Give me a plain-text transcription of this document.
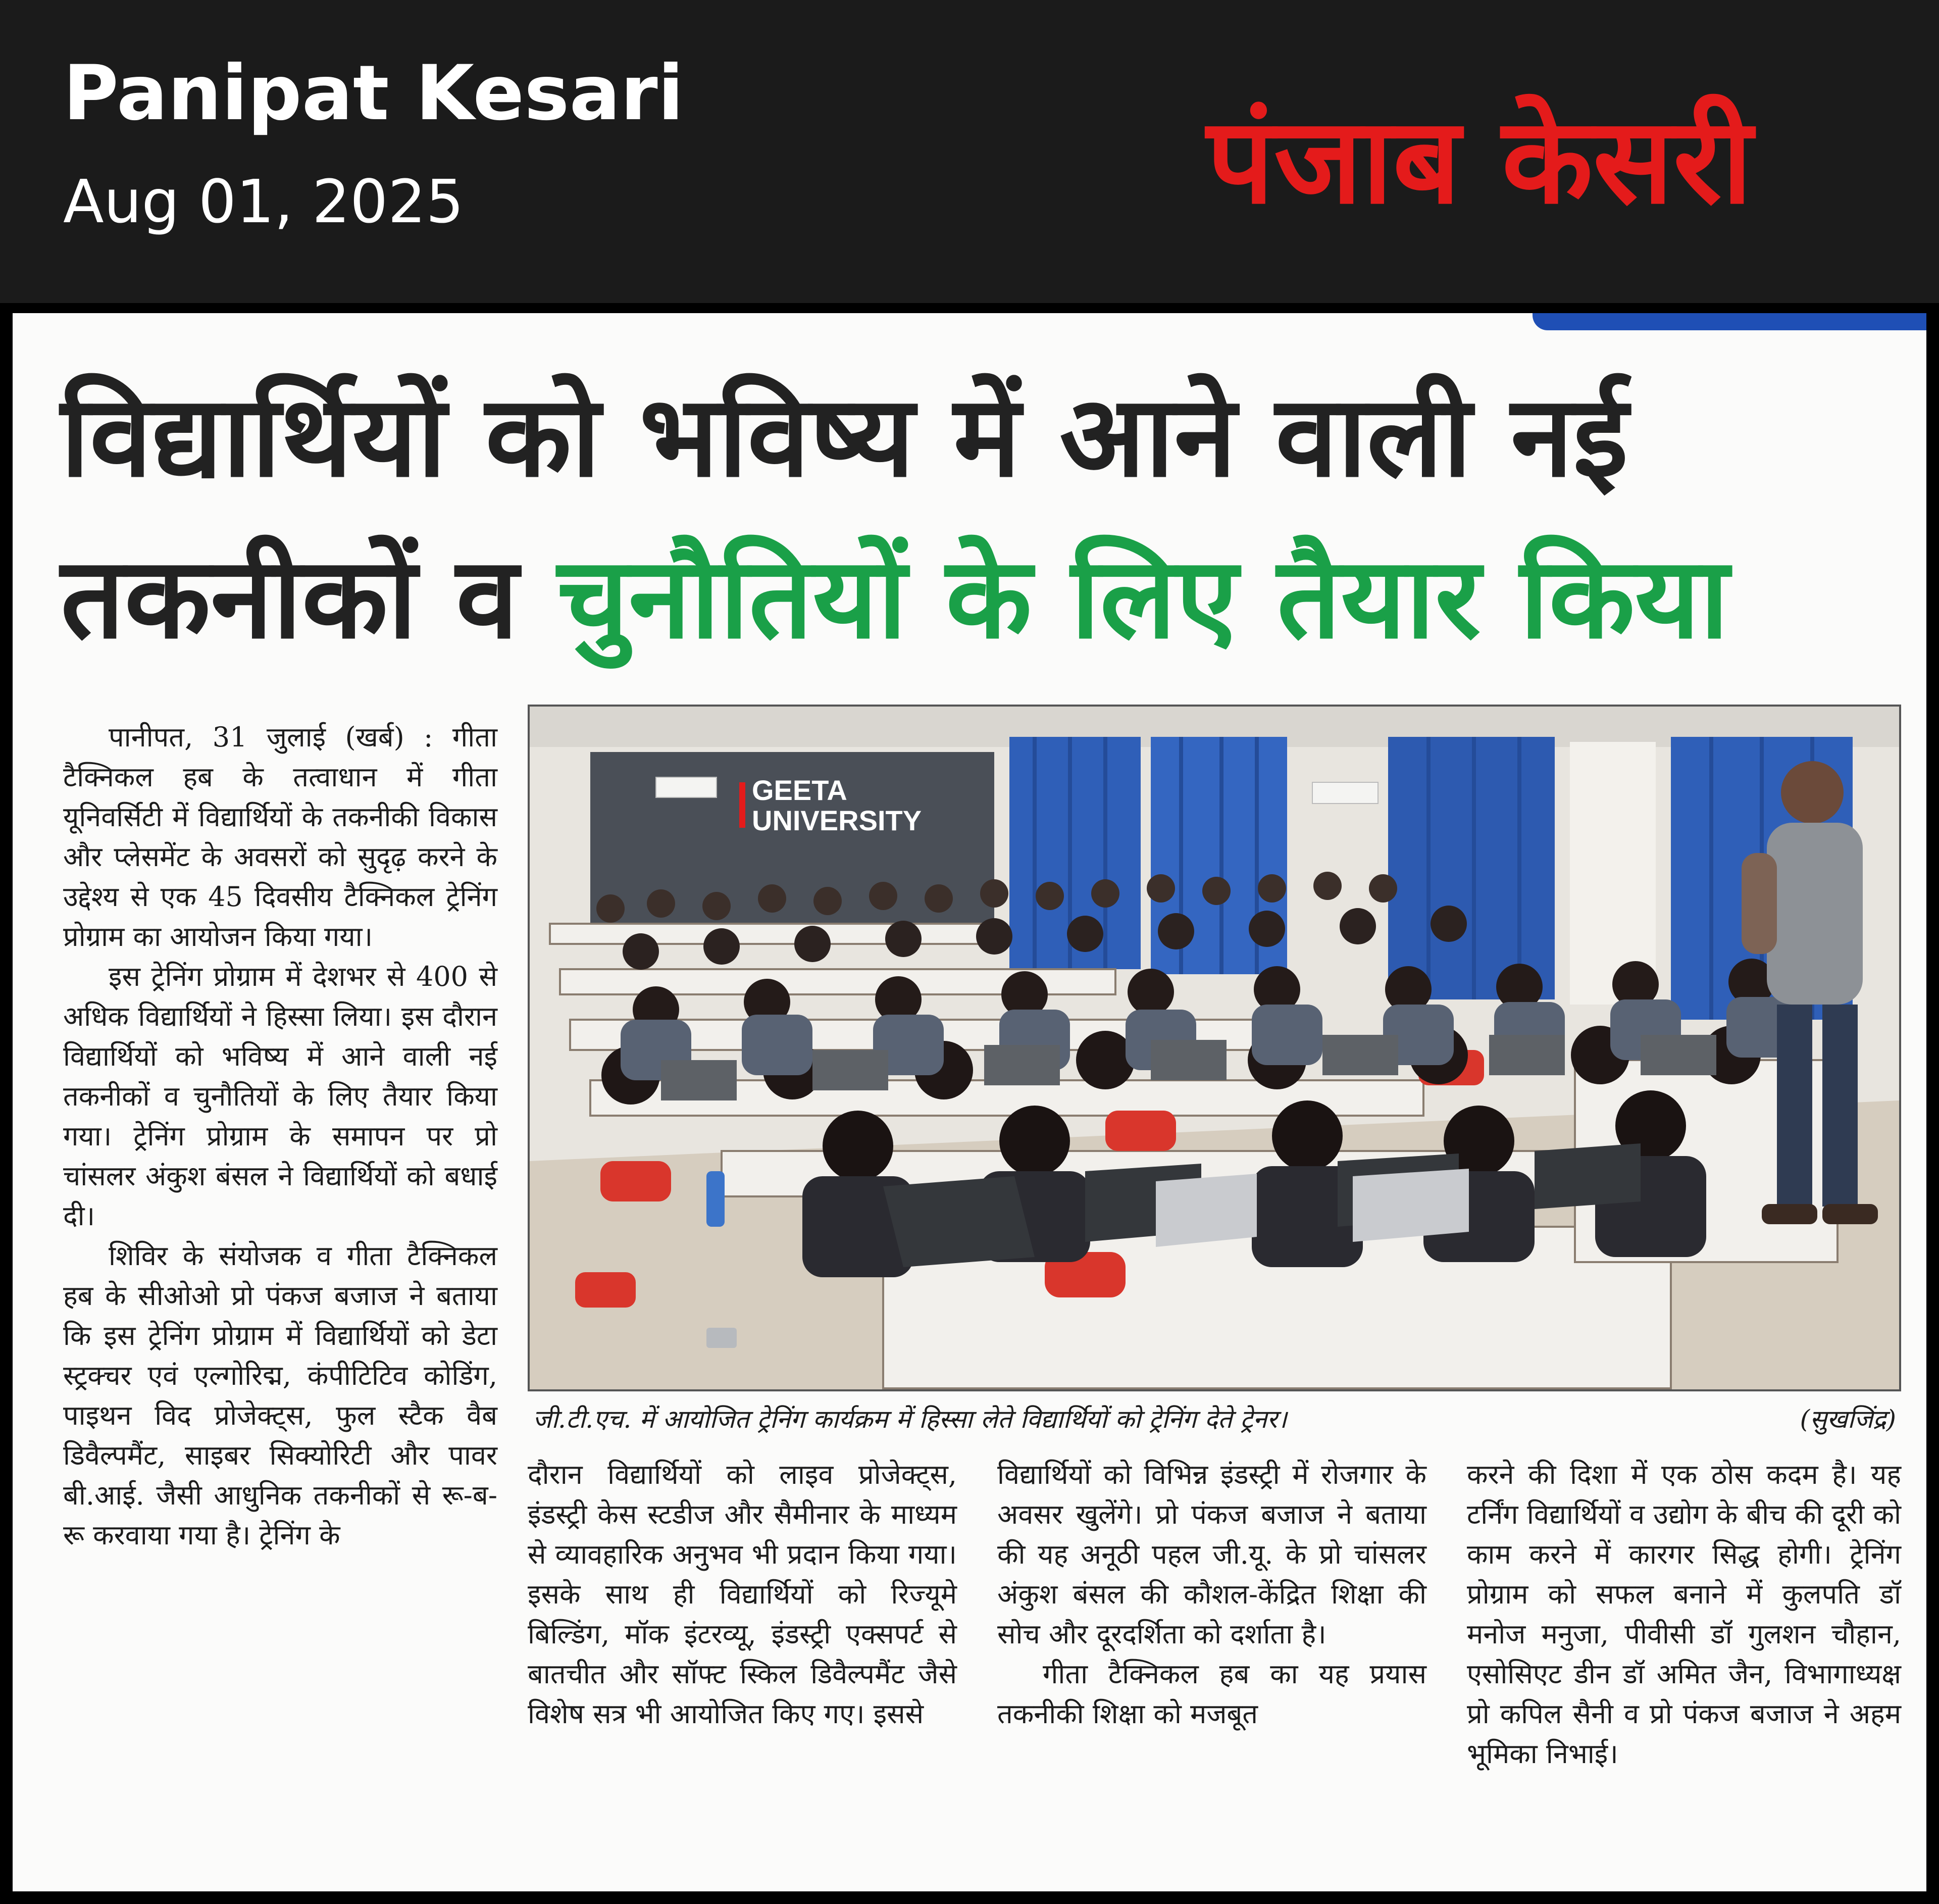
Panipat Kesari
Aug 01, 2025	पंजाब केसरी
विद्यार्थियों को भविष्य में आने वाली नई
तकनीकों व चुनौतियों के लिए तैयार किया

पानीपत, 31 जुलाई (खर्ब) : गीता टैक्निकल हब के तत्वाधान में गीता यूनिवर्सिटी में विद्यार्थियों के तकनीकी विकास और प्लेसमेंट के अवसरों को सुदृढ़ करने के उद्देश्य से एक 45 दिवसीय टैक्निकल ट्रेनिंग प्रोग्राम का आयोजन किया गया।

इस ट्रेनिंग प्रोग्राम में देशभर से 400 से अधिक विद्यार्थियों ने हिस्सा लिया। इस दौरान विद्यार्थियों को भविष्य में आने वाली नई तकनीकों व चुनौतियों के लिए तैयार किया गया। ट्रेनिंग प्रोग्राम के समापन पर प्रो चांसलर अंकुश बंसल ने विद्यार्थियों को बधाई दी।

शिविर के संयोजक व गीता टैक्निकल हब के सीओओ प्रो पंकज बजाज ने बताया कि इस ट्रेनिंग प्रोग्राम में विद्यार्थियों को डेटा स्ट्रक्चर एवं एल्गोरिद्म, कंपीटिटिव कोडिंग, पाइथन विद प्रोजेक्ट्स, फुल स्टैक वैब डिवैल्पमैंट, साइबर सिक्योरिटी और पावर बी.आई. जैसी आधुनिक तकनीकों से रू-ब-रू करवाया गया है। ट्रेनिंग के

GEETA
UNIVERSITY
जी.टी.एच. में आयोजित ट्रेनिंग कार्यक्रम में हिस्सा लेते विद्यार्थियों को ट्रेनिंग देते ट्रेनर।	(सुखजिंद्र)

दौरान विद्यार्थियों को लाइव प्रोजेक्ट्स, इंडस्ट्री केस स्टडीज और सैमीनार के माध्यम से व्यावहारिक अनुभव भी प्रदान किया गया। इसके साथ ही विद्यार्थियों को रिज्यूमे बिल्डिंग, मॉक इंटरव्यू, इंडस्ट्री एक्सपर्ट से बातचीत और सॉफ्ट स्किल डिवैल्पमैंट जैसे विशेष सत्र भी आयोजित किए गए। इससे

विद्यार्थियों को विभिन्न इंडस्ट्री में रोजगार के अवसर खुलेंगे। प्रो पंकज बजाज ने बताया की यह अनूठी पहल जी.यू. के प्रो चांसलर अंकुश बंसल की कौशल-केंद्रित शिक्षा की सोच और दूरदर्शिता को दर्शाता है।

गीता टैक्निकल हब का यह प्रयास तकनीकी शिक्षा को मजबूत

करने की दिशा में एक ठोस कदम है। यह टर्निंग विद्यार्थियों व उद्योग के बीच की दूरी को काम करने में कारगर सिद्ध होगी। ट्रेनिंग प्रोग्राम को सफल बनाने में कुलपति डॉ मनोज मनुजा, पीवीसी डॉ गुलशन चौहान, एसोसिएट डीन डॉ अमित जैन, विभागाध्यक्ष प्रो कपिल सैनी व प्रो पंकज बजाज ने अहम भूमिका निभाई।
